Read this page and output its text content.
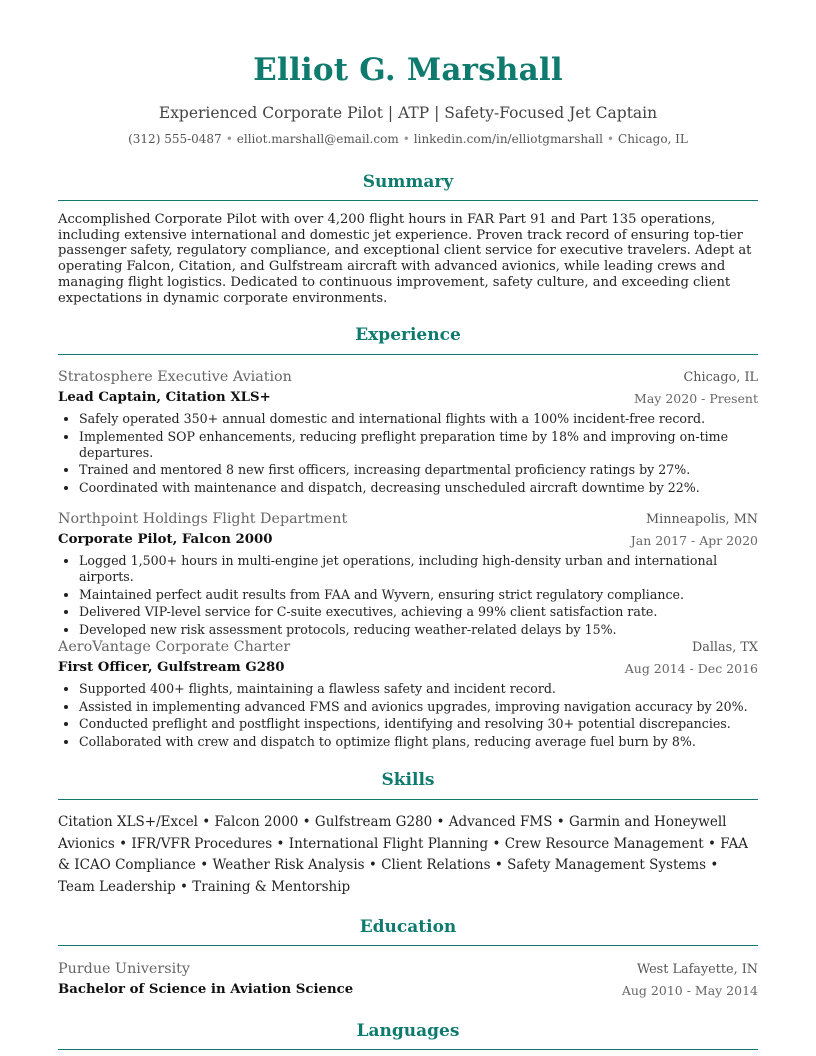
Elliot G. Marshall
Experienced Corporate Pilot | ATP | Safety-Focused Jet Captain
(312) 555-0487 • elliot.marshall@email.com • linkedin.com/in/elliotgmarshall • Chicago, IL
Summary
Accomplished Corporate Pilot with over 4,200 flight hours in FAR Part 91 and Part 135 operations, including extensive international and domestic jet experience. Proven track record of ensuring top-tier passenger safety, regulatory compliance, and exceptional client service for executive travelers. Adept at operating Falcon, Citation, and Gulfstream aircraft with advanced avionics, while leading crews and managing flight logistics. Dedicated to continuous improvement, safety culture, and exceeding client expectations in dynamic corporate environments.
Experience
Stratosphere Executive Aviation	Chicago, IL
Lead Captain, Citation XLS+	May 2020 - Present
• Safely operated 350+ annual domestic and international flights with a 100% incident-free record.
• Implemented SOP enhancements, reducing preflight preparation time by 18% and improving on-time departures.
• Trained and mentored 8 new first officers, increasing departmental proficiency ratings by 27%.
• Coordinated with maintenance and dispatch, decreasing unscheduled aircraft downtime by 22%.
Northpoint Holdings Flight Department	Minneapolis, MN
Corporate Pilot, Falcon 2000	Jan 2017 - Apr 2020
• Logged 1,500+ hours in multi-engine jet operations, including high-density urban and international airports.
• Maintained perfect audit results from FAA and Wyvern, ensuring strict regulatory compliance.
• Delivered VIP-level service for C-suite executives, achieving a 99% client satisfaction rate.
• Developed new risk assessment protocols, reducing weather-related delays by 15%.
AeroVantage Corporate Charter	Dallas, TX
First Officer, Gulfstream G280	Aug 2014 - Dec 2016
• Supported 400+ flights, maintaining a flawless safety and incident record.
• Assisted in implementing advanced FMS and avionics upgrades, improving navigation accuracy by 20%.
• Conducted preflight and postflight inspections, identifying and resolving 30+ potential discrepancies.
• Collaborated with crew and dispatch to optimize flight plans, reducing average fuel burn by 8%.
Skills
Citation XLS+/Excel • Falcon 2000 • Gulfstream G280 • Advanced FMS • Garmin and Honeywell Avionics • IFR/VFR Procedures • International Flight Planning • Crew Resource Management • FAA & ICAO Compliance • Weather Risk Analysis • Client Relations • Safety Management Systems • Team Leadership • Training & Mentorship
Education
Purdue University	West Lafayette, IN
Bachelor of Science in Aviation Science	Aug 2010 - May 2014
Languages
